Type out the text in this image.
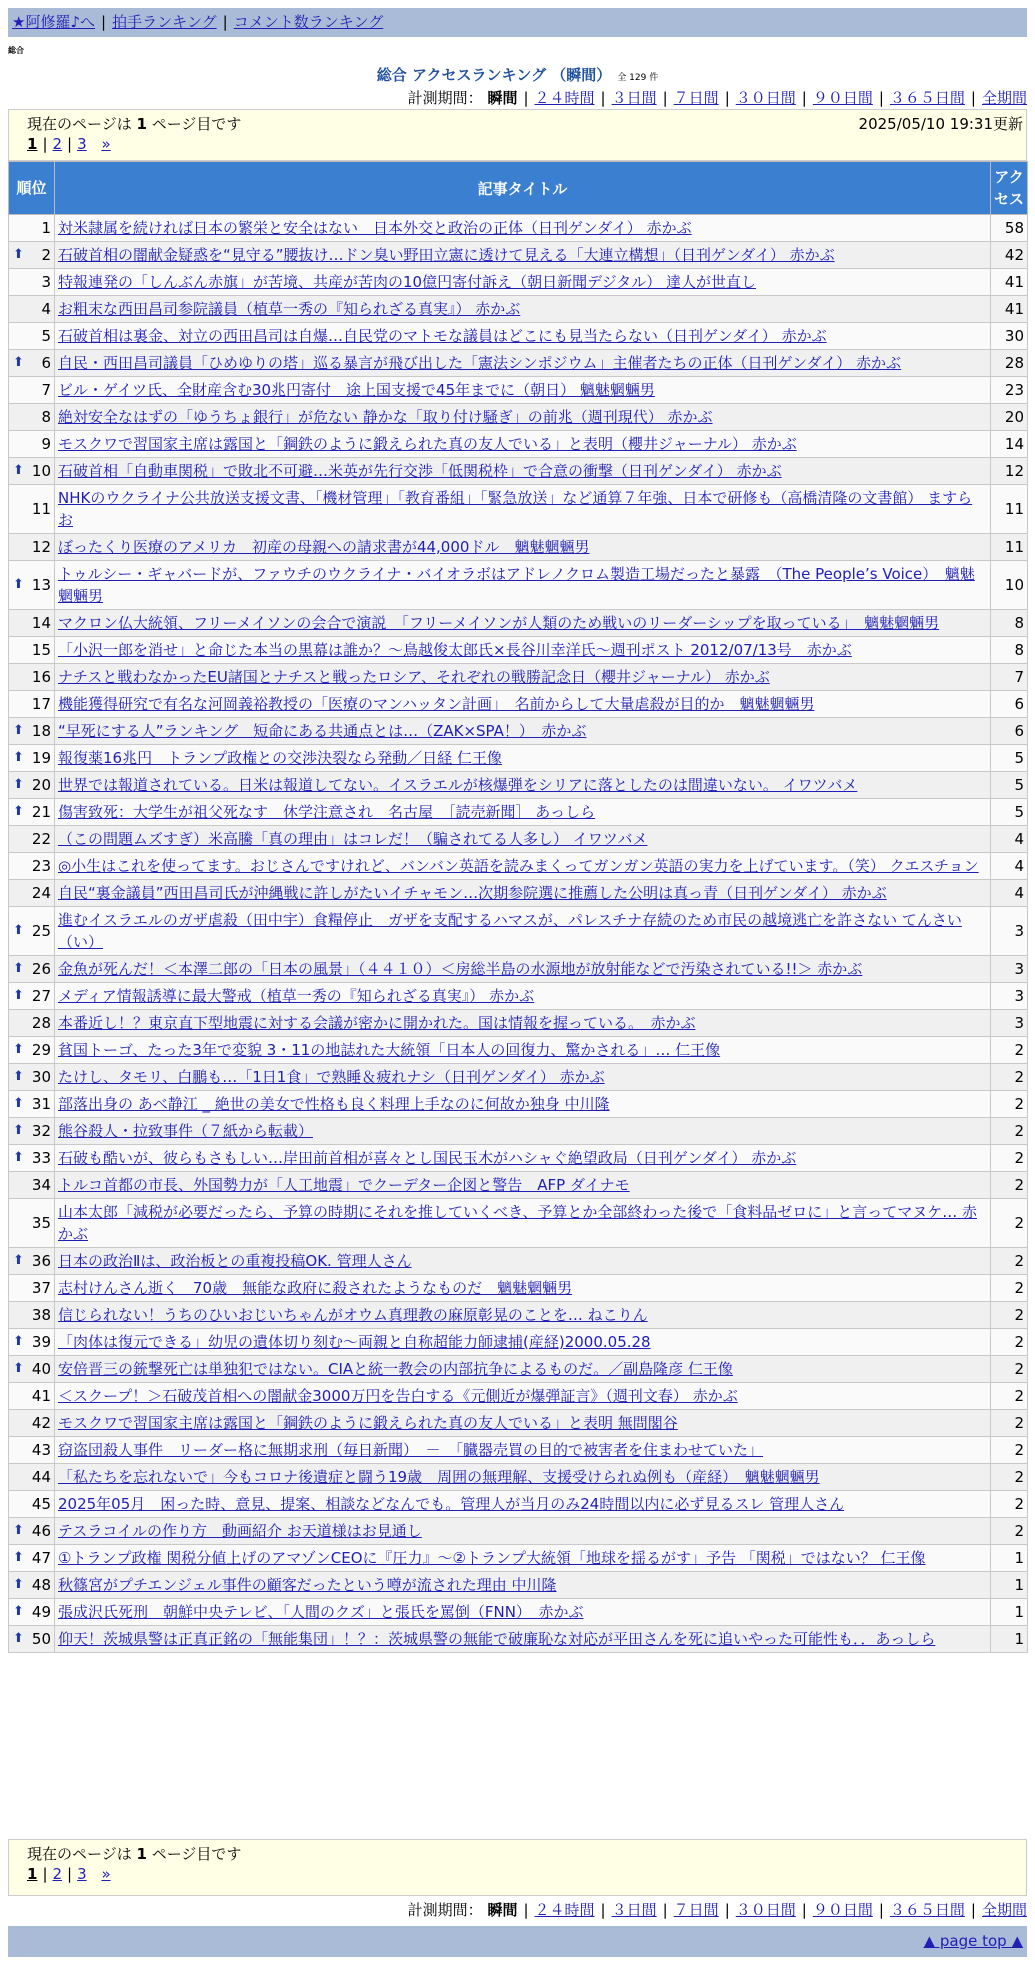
★阿修羅♪へ | 拍手ランキング | コメント数ランキング
総合
総合 アクセスランキング （瞬間） 全 129 件
計測期間： 瞬間 | ２４時間 | ３日間 | ７日間 | ３０日間 | ９０日間 | ３６５日間 | 全期間
現在のページは 1 ページ目です	2025/05/10 19:31更新
1 | 2 | 3 »
順位	記事タイトル	アクセス
1	対米隷属を続ければ日本の繁栄と安全はない　日本外交と政治の正体（日刊ゲンダイ） 赤かぶ	58

⬆ 2	石破首相の闇献金疑惑を“見守る”腰抜け…ドン臭い野田立憲に透けて見える「大連立構想」（日刊ゲンダイ） 赤かぶ	42
3	特報連発の「しんぶん赤旗」が苦境、共産が苦肉の10億円寄付訴え（朝日新聞デジタル） 達人が世直し	41
4	お粗末な西田昌司参院議員（植草一秀の『知られざる真実』） 赤かぶ	41
5	石破首相は裏金、対立の西田昌司は自爆…自民党のマトモな議員はどこにも見当たらない（日刊ゲンダイ） 赤かぶ	30

⬆ 6	自民・西田昌司議員「ひめゆりの塔」巡る暴言が飛び出した「憲法シンポジウム」主催者たちの正体（日刊ゲンダイ） 赤かぶ	28
7	ビル・ゲイツ氏、全財産含む30兆円寄付　途上国支援で45年までに（朝日） 魑魅魍魎男	23
8	絶対安全なはずの「ゆうちょ銀行」が危ない 静かな「取り付け騒ぎ」の前兆（週刊現代） 赤かぶ	20
9	モスクワで習国家主席は露国と「鋼鉄のように鍛えられた真の友人でいる」と表明（櫻井ジャーナル） 赤かぶ	14

⬆ 10	石破首相「自動車関税」で敗北不可避…米英が先行交渉「低関税枠」で合意の衝撃（日刊ゲンダイ） 赤かぶ	12
11	NHKのウクライナ公共放送支援文書、「機材管理」「教育番組」「緊急放送」など通算７年強、日本で研修も（高橋清隆の文書館） ますらお	11
12	ぼったくり医療のアメリカ　初産の母親への請求書が44,000ドル　魑魅魍魎男	11

⬆ 13	トゥルシー・ギャバードが、ファウチのウクライナ・バイオラボはアドレノクロム製造工場だったと暴露　（The People’s Voice）　魑魅魍魎男	10
14	マクロン仏大統領、フリーメイソンの会合で演説　「フリーメイソンが人類のため戦いのリーダーシップを取っている」　魑魅魍魎男	8
15	「小沢一郎を消せ」と命じた本当の黒幕は誰か？～鳥越俊太郎氏×長谷川幸洋氏～週刊ポスト 2012/07/13号　赤かぶ	8
16	ナチスと戦わなかったEU諸国とナチスと戦ったロシア、それぞれの戦勝記念日（櫻井ジャーナル） 赤かぶ	7
17	機能獲得研究で有名な河岡義裕教授の「医療のマンハッタン計画」　名前からして大量虐殺が目的か　魑魅魍魎男	6

⬆ 18	“早死にする人”ランキング　短命にある共通点とは…（ZAK×SPA！）　赤かぶ	6

⬆ 19	報復薬16兆円　トランプ政権との交渉決裂なら発動／日経 仁王像	5

⬆ 20	世界では報道されている。日米は報道してない。イスラエルが核爆弾をシリアに落としたのは間違いない。 イワツバメ	5

⬆ 21	傷害致死：大学生が祖父死なす　休学注意され　名古屋　［読売新聞］ あっしら	5
22	（この問題ムズすぎ）米高騰「真の理由」はコレだ！（騙されてる人多し） イワツバメ	4
23	◎小生はこれを使ってます。おじさんですけれど、バンバン英語を読みまくってガンガン英語の実力を上げています。（笑） クエスチョン	4
24	自民“裏金議員”西田昌司氏が沖縄戦に許しがたいイチャモン…次期参院選に推薦した公明は真っ青（日刊ゲンダイ） 赤かぶ	4

⬆ 25	進むイスラエルのガザ虐殺（田中宇）食糧停止　ガザを支配するハマスが、パレスチナ存続のため市民の越境逃亡を許さない てんさい（い）	3

⬆ 26	金魚が死んだ！＜本澤二郎の「日本の風景」（４４１０）＜房総半島の水源地が放射能などで汚染されている!!＞ 赤かぶ	3

⬆ 27	メディア情報誘導に最大警戒（植草一秀の『知られざる真実』） 赤かぶ	3
28	本番近し！？東京直下型地震に対する会議が密かに開かれた。国は情報を握っている。　赤かぶ	3

⬆ 29	貧国トーゴ、たった3年で変貌 3・11の地誌れた大統領「日本人の回復力、驚かされる」… 仁王像	2

⬆ 30	たけし、タモリ、白鵬も…「1日1食」で熟睡＆疲れナシ（日刊ゲンダイ） 赤かぶ	2

⬆ 31	部落出身の あべ静江 _ 絶世の美女で性格も良く料理上手なのに何故か独身 中川隆	2

⬆ 32	熊谷殺人・拉致事件（７紙から転載）	2

⬆ 33	石破も酷いが、彼らもさもしい…岸田前首相が喜々とし国民玉木がハシャぐ絶望政局（日刊ゲンダイ） 赤かぶ	2
34	トルコ首都の市長、外国勢力が「人工地震」でクーデター企図と警告　AFP ダイナモ	2
35	山本太郎「減税が必要だったら、予算の時期にそれを推していくべき、予算とか全部終わった後で「食料品ゼロに」と言ってマヌケ… 赤かぶ	2

⬆ 36	日本の政治Ⅱは、政治板との重複投稿OK. 管理人さん	2
37	志村けんさん逝く　70歳　無能な政府に殺されたようなものだ　魑魅魍魎男	2
38	信じられない！うちのひいおじいちゃんがオウム真理教の麻原彰晃のことを… ねこりん	2

⬆ 39	「肉体は復元できる」幼児の遺体切り刻む〜両親と自称超能力師逮捕(産経)2000.05.28	2

⬆ 40	安倍晋三の銃撃死亡は単独犯ではない。CIAと統一教会の内部抗争によるものだ。／副島隆彦 仁王像	2
41	＜スクープ！＞石破茂首相への闇献金3000万円を告白する《元側近が爆弾証言》（週刊文春） 赤かぶ	2
42	モスクワで習国家主席は露国と「鋼鉄のように鍛えられた真の友人でいる」と表明 無問閣谷	2
43	窃盗団殺人事件　リーダー格に無期求刑（毎日新聞）　－　「臓器売買の目的で被害者を住まわせていた」	2
44	「私たちを忘れないで」今もコロナ後遺症と闘う19歳　周囲の無理解、支援受けられぬ例も（産経）　魑魅魍魎男	2
45	2025年05月　困った時、意見、提案、相談などなんでも。管理人が当月のみ24時間以内に必ず見るスレ 管理人さん	2

⬆ 46	テスラコイルの作り方　動画紹介 お天道様はお見通し	2

⬆ 47	①トランプ政権 関税分値上げのアマゾンCEOに『圧力』～②トランプ大統領「地球を揺るがす」予告 「関税」ではない？ 仁王像	1

⬆ 48	秋篠宮がプチエンジェル事件の顧客だったという噂が流された理由 中川隆	1

⬆ 49	張成沢氏死刑　朝鮮中央テレビ、「人間のクズ」と張氏を罵倒（FNN）　赤かぶ	1

⬆ 50	仰天！茨城県警は正真正銘の「無能集団」！？：茨城県警の無能で破廉恥な対応が平田さんを死に追いやった可能性も．．あっしら	1
現在のページは 1 ページ目です
1 | 2 | 3 »
計測期間： 瞬間 | ２４時間 | ３日間 | ７日間 | ３０日間 | ９０日間 | ３６５日間 | 全期間
▲ page top ▲
